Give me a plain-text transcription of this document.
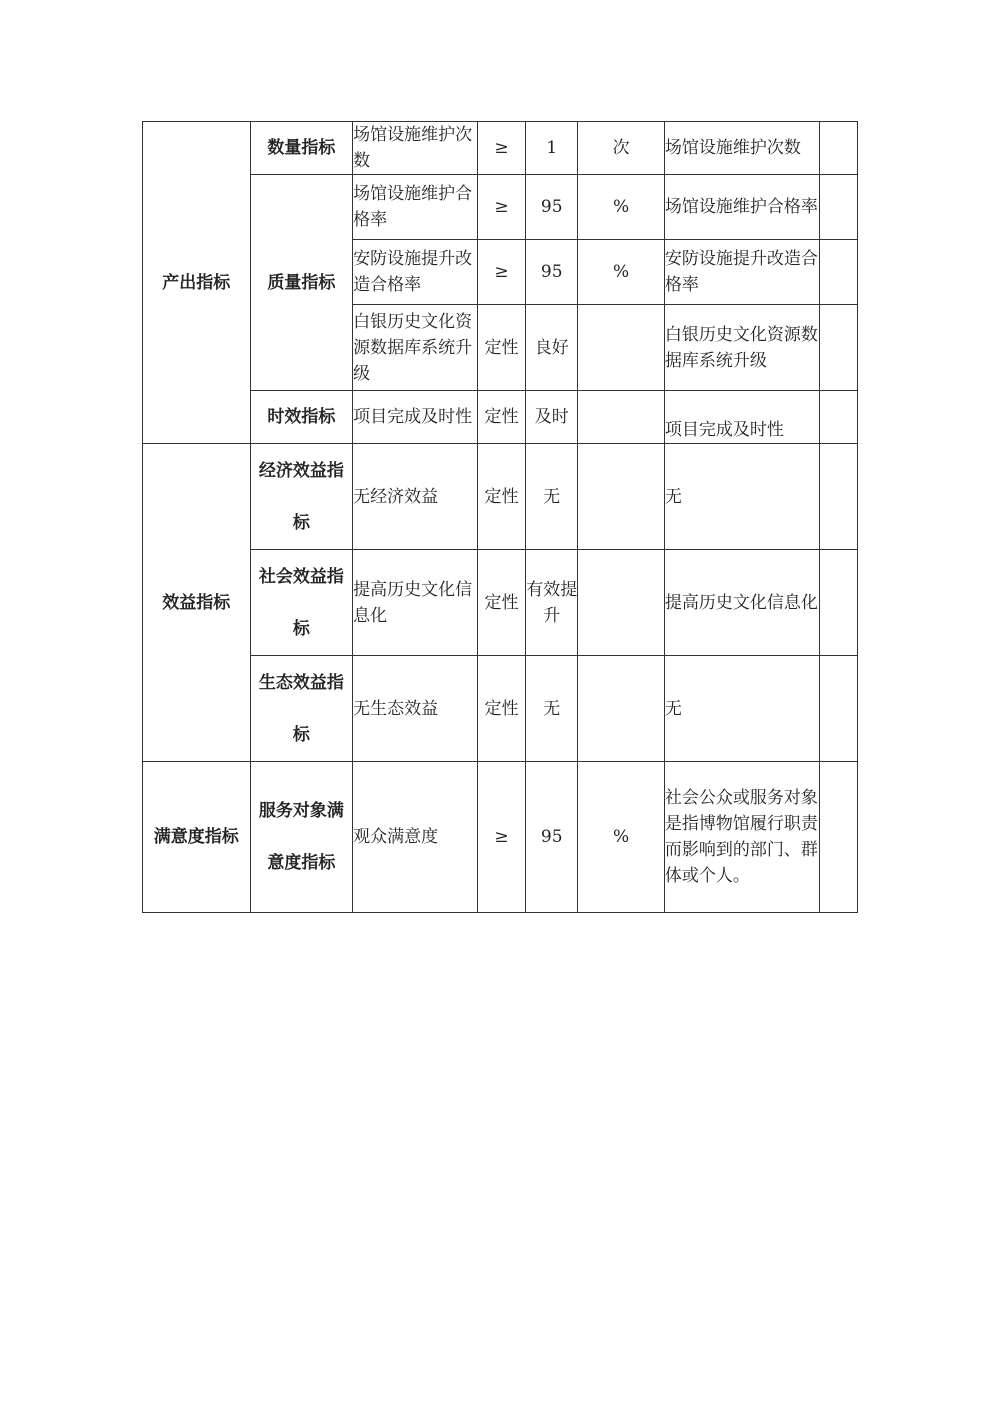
产出指标	数量指标	场馆设施维护次数	≥	1	次	场馆设施维护次数	
	质量指标	场馆设施维护合格率	≥	95	%	场馆设施维护合格率	
		安防设施提升改造合格率	≥	95	%	安防设施提升改造合格率	
		白银历史文化资源数据库系统升级	定性	良好		白银历史文化资源数据库系统升级	
	时效指标	项目完成及时性	定性	及时		项目完成及时性	
效益指标	经济效益指标	无经济效益	定性	无		无	
	社会效益指标	提高历史文化信息化	定性	有效提升		提高历史文化信息化	
	生态效益指标	无生态效益	定性	无		无	
满意度指标	服务对象满意度指标	观众满意度	≥	95	%	社会公众或服务对象是指博物馆履行职责而影响到的部门、群体或个人。	
